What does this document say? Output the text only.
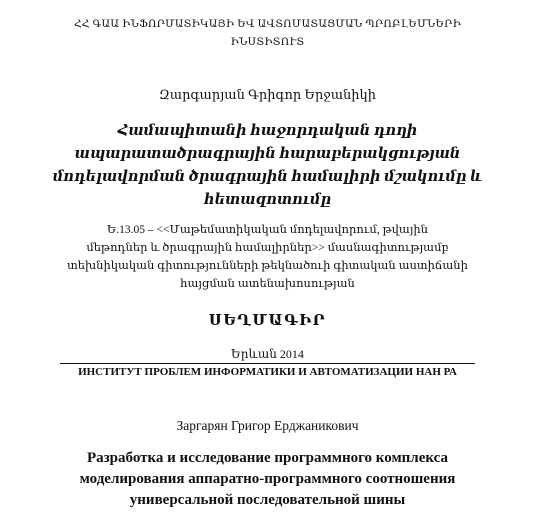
ՀՀ ԳԱԱ ԻՆՖՈՐՄԱՏԻԿԱՅԻ ԵՎ ԱՎՏՈՄԱՏԱՑՄԱՆ ՊՐՈԲԼԵՄՆԵՐԻ
ԻՆՍՏԻՏՈՒՏ
Զարգարյան Գրիգոր Երջանիկի
Համապիտանի հաջորդական դողի
ապարատածրագրային հարաբերակցության
մոդելավորման ծրագրային համալիրի մշակումը և
հետազոտումը
Ե.13.05 – <<Մաթեմատիկական մոդելավորում, թվային
մեթոդներ և ծրագրային համալիրներ>> մասնագիտությամբ
տեխնիկական գիտությունների թեկնածուի գիտական աստիճանի
հայցման ատենախոսության
ՍԵՂՄԱԳԻՐ
Երևան 2014
ИНСТИТУТ ПРОБЛЕМ ИНФОРМАТИКИ И АВТОМАТИЗАЦИИ НАН РА
Заргарян Григор Ерджаникович
Разработка и исследование программного комплекса
моделирования аппаратно-программного соотношения
универсальной последовательной шины
